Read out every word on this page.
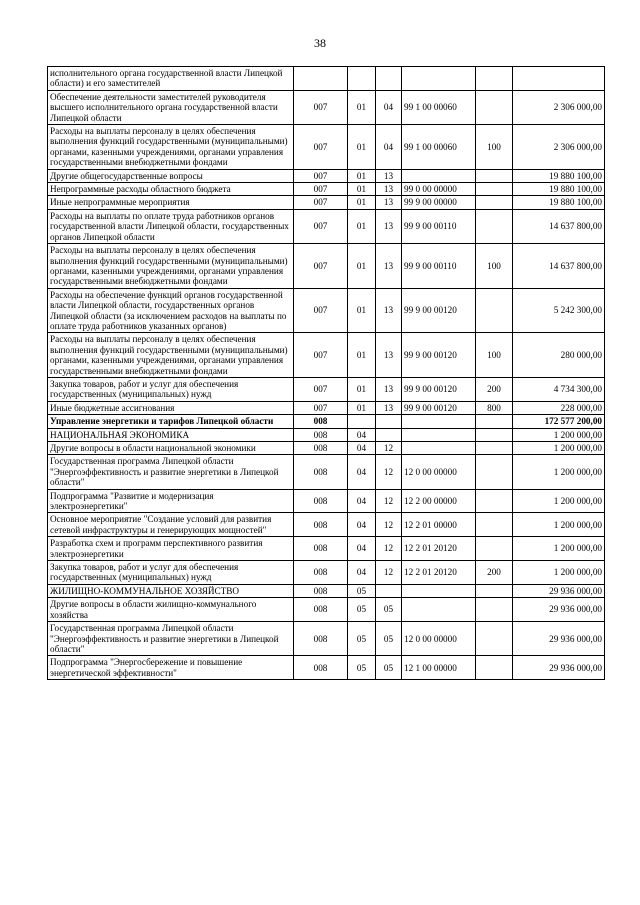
38
исполнительного органа государственной власти Липецкой области) и его заместителей						
Обеспечение деятельности заместителей руководителя высшего исполнительного органа государственной власти Липецкой области	007	01	04	99 1 00 00060		2 306 000,00
Расходы на выплаты персоналу в целях обеспечения выполнения функций государственными (муниципальными) органами, казенными учреждениями, органами управления государственными внебюджетными фондами	007	01	04	99 1 00 00060	100	2 306 000,00
Другие общегосударственные вопросы	007	01	13			19 880 100,00
Непрограммные расходы областного бюджета	007	01	13	99 0 00 00000		19 880 100,00
Иные непрограммные мероприятия	007	01	13	99 9 00 00000		19 880 100,00
Расходы на выплаты по оплате труда работников органов государственной власти Липецкой области, государственных органов Липецкой области	007	01	13	99 9 00 00110		14 637 800,00
Расходы на выплаты персоналу в целях обеспечения выполнения функций государственными (муниципальными) органами, казенными учреждениями, органами управления государственными внебюджетными фондами	007	01	13	99 9 00 00110	100	14 637 800,00
Расходы на обеспечение функций органов государственной власти Липецкой области, государственных органов Липецкой области (за исключением расходов на выплаты по оплате труда работников указанных органов)	007	01	13	99 9 00 00120		5 242 300,00
Расходы на выплаты персоналу в целях обеспечения выполнения функций государственными (муниципальными) органами, казенными учреждениями, органами управления государственными внебюджетными фондами	007	01	13	99 9 00 00120	100	280 000,00
Закупка товаров, работ и услуг для обеспечения государственных (муниципальных) нужд	007	01	13	99 9 00 00120	200	4 734 300,00
Иные бюджетные ассигнования	007	01	13	99 9 00 00120	800	228 000,00
Управление энергетики и тарифов Липецкой области	008					172 577 200,00
НАЦИОНАЛЬНАЯ ЭКОНОМИКА	008	04				1 200 000,00
Другие вопросы в области национальной экономики	008	04	12			1 200 000,00
Государственная программа Липецкой области "Энергоэффективность и развитие энергетики в Липецкой области"	008	04	12	12 0 00 00000		1 200 000,00
Подпрограмма "Развитие и модернизация электроэнергетики"	008	04	12	12 2 00 00000		1 200 000,00
Основное мероприятие "Создание условий для развития сетевой инфраструктуры и генерирующих мощностей"	008	04	12	12 2 01 00000		1 200 000,00
Разработка схем и программ перспективного развития электроэнергетики	008	04	12	12 2 01 20120		1 200 000,00
Закупка товаров, работ и услуг для обеспечения государственных (муниципальных) нужд	008	04	12	12 2 01 20120	200	1 200 000,00
ЖИЛИЩНО-КОММУНАЛЬНОЕ ХОЗЯЙСТВО	008	05				29 936 000,00
Другие вопросы в области жилищно-коммунального хозяйства	008	05	05			29 936 000,00
Государственная программа Липецкой области "Энергоэффективность и развитие энергетики в Липецкой области"	008	05	05	12 0 00 00000		29 936 000,00
Подпрограмма "Энергосбережение и повышение энергетической эффективности"	008	05	05	12 1 00 00000		29 936 000,00
